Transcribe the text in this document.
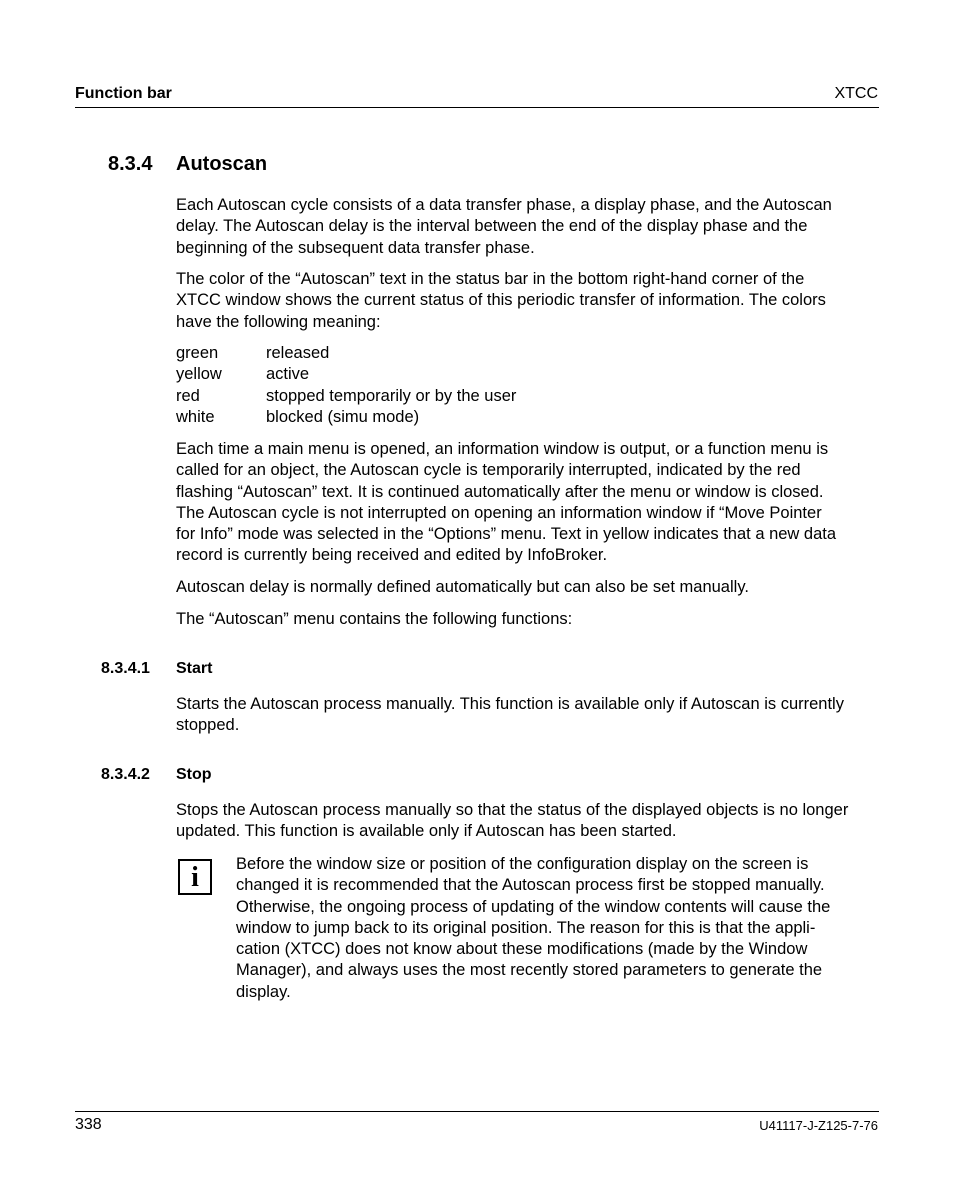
Function bar	XTCC
8.3.4 Autoscan
Each Autoscan cycle consists of a data transfer phase, a display phase, and the Autoscan
delay. The Autoscan delay is the interval between the end of the display phase and the
beginning of the subsequent data transfer phase.
The color of the “Autoscan” text in the status bar in the bottom right-hand corner of the
XTCC window shows the current status of this periodic transfer of information. The colors
have the following meaning:
green	released
yellow	active
red	stopped temporarily or by the user
white	blocked (simu mode)
Each time a main menu is opened, an information window is output, or a function menu is
called for an object, the Autoscan cycle is temporarily interrupted, indicated by the red
flashing “Autoscan” text. It is continued automatically after the menu or window is closed.
The Autoscan cycle is not interrupted on opening an information window if “Move Pointer
for Info” mode was selected in the “Options” menu. Text in yellow indicates that a new data
record is currently being received and edited by InfoBroker.
Autoscan delay is normally defined automatically but can also be set manually.
The “Autoscan” menu contains the following functions:
8.3.4.1 Start
Starts the Autoscan process manually. This function is available only if Autoscan is currently
stopped.
8.3.4.2 Stop
Stops the Autoscan process manually so that the status of the displayed objects is no longer
updated. This function is available only if Autoscan has been started.
i	Before the window size or position of the configuration display on the screen is
changed it is recommended that the Autoscan process first be stopped manually.
Otherwise, the ongoing process of updating of the window contents will cause the
window to jump back to its original position. The reason for this is that the appli-
cation (XTCC) does not know about these modifications (made by the Window
Manager), and always uses the most recently stored parameters to generate the
display.
338	U41117-J-Z125-7-76
